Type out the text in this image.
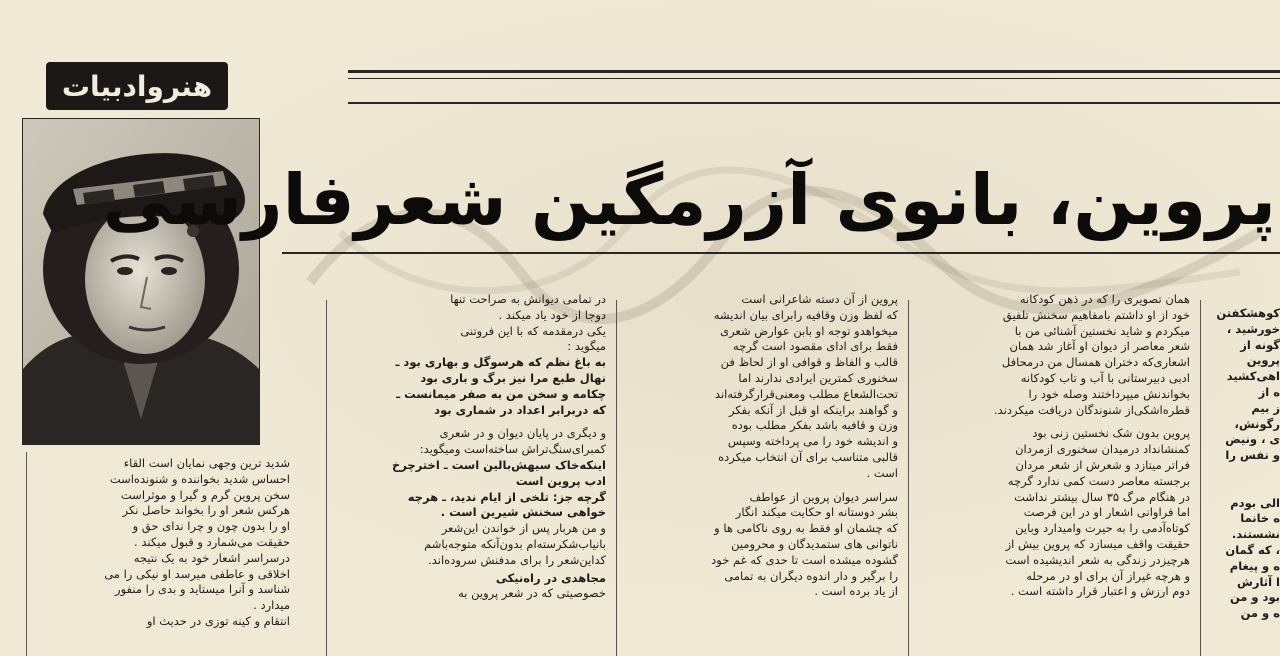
هنروادبیات
پروین، بانوی آزرمگین شعرفارسی

شدید ترین وجهی نمایان است القاء

احساس شدید بخواننده و شنونده‌است

سخن پروین گرم و گیرا و موثراست

هرکس شعر او را بخواند حاصل نکر

او را بدون چون و چرا ندای حق و

حقیقت می‌شمارد و قبول میکند .

درسراسر اشعار خود به یک نتیجه

اخلاقی و عاطفی میرسد او نیکی را می

شناسد و آنرا میستاید و بدی را منفور

میدارد .

انتقام و کینه توزی در حدیث او

در تمامی دیوانش به صراحت تنها

دوجا از خود یاد میکند .

یکی درمقدمه که با این فروتنی

میگوید :

به باغ نظم که هرسوگل و بهاری بود ـ

نهال طبع مرا نیز برگ و باری بود

چکامه و سخن من به صفر میمانست ـ

که دربرابر اعداد در شماری بود

و دیگری در پایان دیوان و در شعری

کمبرای‌سنگ‌تراش ساخته‌است ومیگوید:

اینکه‌خاک سیهش‌بالین است ـ اخترچرخ

ادب پروین است

گرچه جز: تلخی از ایام ندید، ـ هرچه

خواهی سخنش شیرین است .

و من هربار پس از خواندن این‌شعر

بانیاب‌شکرسته‌ام بدون‌آنکه متوجه‌باشم

کداین‌شعر را برای مدفنش سروده‌اند.

مجاهدی در راه‌نیکی

خصوصیتی که در شعر پروین به

پروین از آن دسته شاعرانی است

که لفظ وزن وقافیه رابرای بیان اندیشه

میخواهدو توجه او بابن عوارض شعری

فقط برای ادای مقصود است گرچه

قالب و الفاظ و قوافی او از لحاظ فن

سخنوری کمترین ایرادی ندارند اما

تحت‌الشعاع مطلب ومعنی‌قرار‌گرفته‌اند

و گواهند براینکه او قبل از آنکه بفکر

وزن و قافیه باشد بفکر مطلب بوده

و اندیشه خود را می پرداخته وسپس

قالبی متناسب برای آن انتخاب میکرده

است .

سراسر دیوان پروین از عواطف

بشر دوستانه او حکایت میکند انگار

که چشمان او فقط به روی ناکامی ها و

ناتوانی های ستمدیدگان و محرومین

گشوده میشده است تا حدی که غم خود

را برگیر و دار اندوه دیگران به تمامی

از یاد برده است .

همان تصویری را که در ذهن کودکانه

خود از او داشتم بامفاهیم سخنش تلفیق

میکردم و شاید نخستین آشنائی من با

شعر معاصر از دیوان او آغاز شد همان

اشعاری‌که دختران همسال من درمحافل

ادبی دبیرستانی با آب و تاب کودکانه

بخواندنش میپرداختند وصله خود را

قطره‌اشکی‌از شنوندگان دریافت میکردند.

پروین بدون شک نخستین زنی بود

کمنشانداد درمیدان سخنوری ازمردان

فراتر میتازد و شعرش از شعر مردان

برجسته معاصر دست کمی ندارد گرچه

در هنگام مرگ ۳۵ سال بیشتر نداشت

اما فراوانی اشعار او در این فرصت

کوتاه‌آدمی را به حیرت وامیدارد وباین

حقیقت واقف میسازد که پروین بیش از

هرچیزدر زندگی به شعر اندیشیده است

و هرچه غیراز آن برای او در مرحله

دوم ارزش و اعتبار قرار داشته است .

کوهشکفتن

خورشید ،

گونه از

پروین

اهی‌کشید

ه از

ز بیم

رگونش،

ی ، ونیض

و نفس را

الی بودم

ه خانما

نشستند.

، که گمان

ه و پیغام

ا آثارش

بود و من

ه و من
